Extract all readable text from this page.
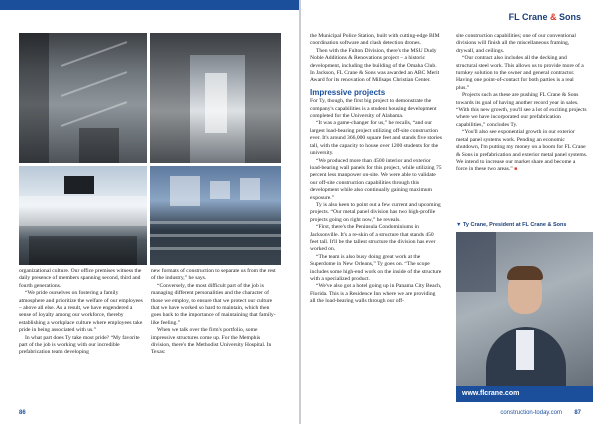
organizational culture. Our office premises witness the daily presence of members spanning second, third and fourth generations.

“We pride ourselves on fostering a family atmosphere and prioritize the welfare of our employees – above all else. As a result, we have engendered a sense of loyalty among our workforce, thereby establishing a workplace culture where employees take pride in being associated with us.”

In what part does Ty take most pride? “My favorite part of the job is working with our incredible prefabrication team developing

new formats of construction to separate us from the rest of the industry,” he says.

“Conversely, the most difficult part of the job is managing different personalities and the character of those we employ, to ensure that we protect our culture that we have worked so hard to maintain, which then goes back to the importance of maintaining that family-like feeling.”

When we talk over the firm's portfolio, some impressive structures come up. For the Memphis division, there's the Methodist University Hospital. In Texas:

86
FL Crane & Sons

the Municipal Police Station, built with cutting-edge BIM coordination software and clash detection drones.

Then with the Fulton Division, there's the MSU Dudy Noble Additions & Renovations project – a historic development, including the building of the Omaha Club. In Jackson, FL Crane & Sons was awarded an ABC Merit Award for its renovation of Millsaps Christian Center.

Impressive projects

For Ty, though, the first big project to demonstrate the company's capabilities is a student housing development completed for the University of Alabama.

“It was a game-changer for us,” he recalls, “and our largest load-bearing project utilizing off-site construction ever. It's around 366,000 square feet and stands five stories tall, with the capacity to house over 1200 students for the university.

“We produced more than 4500 interior and exterior load-bearing wall panels for this project, while utilizing 75 percent less manpower on-site. We were able to validate our off-site construction capabilities through this development while also continually gaining maximum exposure.”

Ty is also keen to point out a few current and upcoming projects. “Our metal panel division has two high-profile projects going on right now,” he reveals.

“First, there's the Peninsula Condominiums in Jacksonville. It's a re-skin of a structure that stands 450 feet tall. It'll be the tallest structure the division has ever worked on.

“The team is also busy doing great work at the Superdome in New Orleans,” Ty goes on. “The scope includes some high-end work on the inside of the structure with a specialized product.

“We've also got a hotel going up in Panama City Beach, Florida. This is a Residence Inn where we are providing all the load-bearing walls through our off-

site construction capabilities; one of our conventional divisions will finish all the miscellaneous framing, drywall, and ceilings.

“Our contract also includes all the decking and structural steel work. This allows us to provide more of a turnkey solution to the owner and general contractor. Having one point-of-contact for both parties is a real plus.”

Projects such as these are pushing FL Crane & Sons towards its goal of having another record year in sales. “With this new growth, you'll see a lot of exciting projects where we have incorporated our prefabrication capabilities,” concludes Ty.

“You'll also see exponential growth in our exterior metal panel systems work. Pending an economic shutdown, I'm putting my money on a boom for FL Crane & Sons in prefabrication and exterior metal panel systems. We intend to increase our market share and become a force in these two areas.” ■

▼ Ty Crane, President at FL Crane & Sons
www.flcrane.com
construction-today.com 87
